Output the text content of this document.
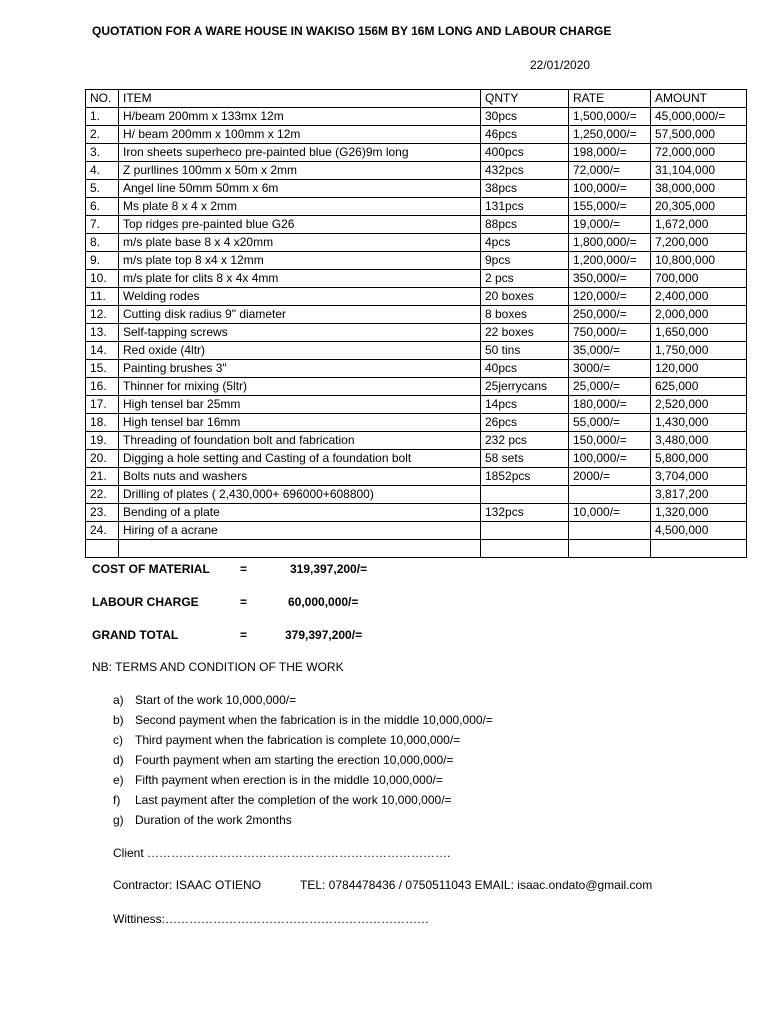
QUOTATION FOR A WARE HOUSE IN WAKISO 156M BY 16M LONG AND LABOUR CHARGE
22/01/2020
NO.	ITEM	QNTY	RATE	AMOUNT
1.	H/beam 200mm x 133mx 12m	30pcs	1,500,000/=	45,000,000/=
2.	H/ beam 200mm x 100mm x 12m	46pcs	1,250,000/=	57,500,000
3.	Iron sheets superheco pre-painted blue (G26)9m long	400pcs	198,000/=	72,000,000
4.	Z purllines 100mm x 50m x 2mm	432pcs	72,000/=	31,104,000
5.	Angel line 50mm 50mm x 6m	38pcs	100,000/=	38,000,000
6.	Ms plate 8 x 4 x 2mm	131pcs	155,000/=	20,305,000
7.	Top ridges pre-painted blue G26	88pcs	19,000/=	1,672,000
8.	m/s plate base 8 x 4 x20mm	4pcs	1,800,000/=	7,200,000
9.	m/s plate top 8 x4 x 12mm	9pcs	1,200,000/=	10,800,000
10.	m/s plate for clits 8 x 4x 4mm	2 pcs	350,000/=	700,000
11.	Welding rodes	20 boxes	120,000/=	2,400,000
12.	Cutting disk radius 9" diameter	8 boxes	250,000/=	2,000,000
13.	Self-tapping screws	22 boxes	750,000/=	1,650,000
14.	Red oxide (4ltr)	50 tins	35,000/=	1,750,000
15.	Painting brushes 3"	40pcs	3000/=	120,000
16.	Thinner for mixing (5ltr)	25jerrycans	25,000/=	625,000
17.	High tensel bar 25mm	14pcs	180,000/=	2,520,000
18.	High tensel bar 16mm	26pcs	55,000/=	1,430,000
19.	Threading of foundation bolt and fabrication	232 pcs	150,000/=	3,480,000
20.	Digging a hole setting and Casting of a foundation bolt	58 sets	100,000/=	5,800,000
21.	Bolts nuts and washers	1852pcs	2000/=	3,704,000
22.	Drilling of plates ( 2,430,000+ 696000+608800)			3,817,200
23.	Bending of a plate	132pcs	10,000/=	1,320,000
24.	Hiring of a acrane			4,500,000

COST OF MATERIAL	=	319,397,200/=
LABOUR CHARGE	=	60,000,000/=
GRAND TOTAL	=	379,397,200/=
NB: TERMS AND CONDITION OF THE WORK
a) Start of the work 10,000,000/=
b) Second payment when the fabrication is in the middle 10,000,000/=
c) Third payment when the fabrication is complete 10,000,000/=
d) Fourth payment when am starting the erection 10,000,000/=
e) Fifth payment when erection is in the middle 10,000,000/=
f) Last payment after the completion of the work 10,000,000/=
g) Duration of the work 2months
Client ………………………………………………………………….
Contractor: ISAAC OTIENO	TEL: 0784478436 / 0750511043 EMAIL: isaac.ondato@gmail.com
Wittiness:…………………………………………………………
